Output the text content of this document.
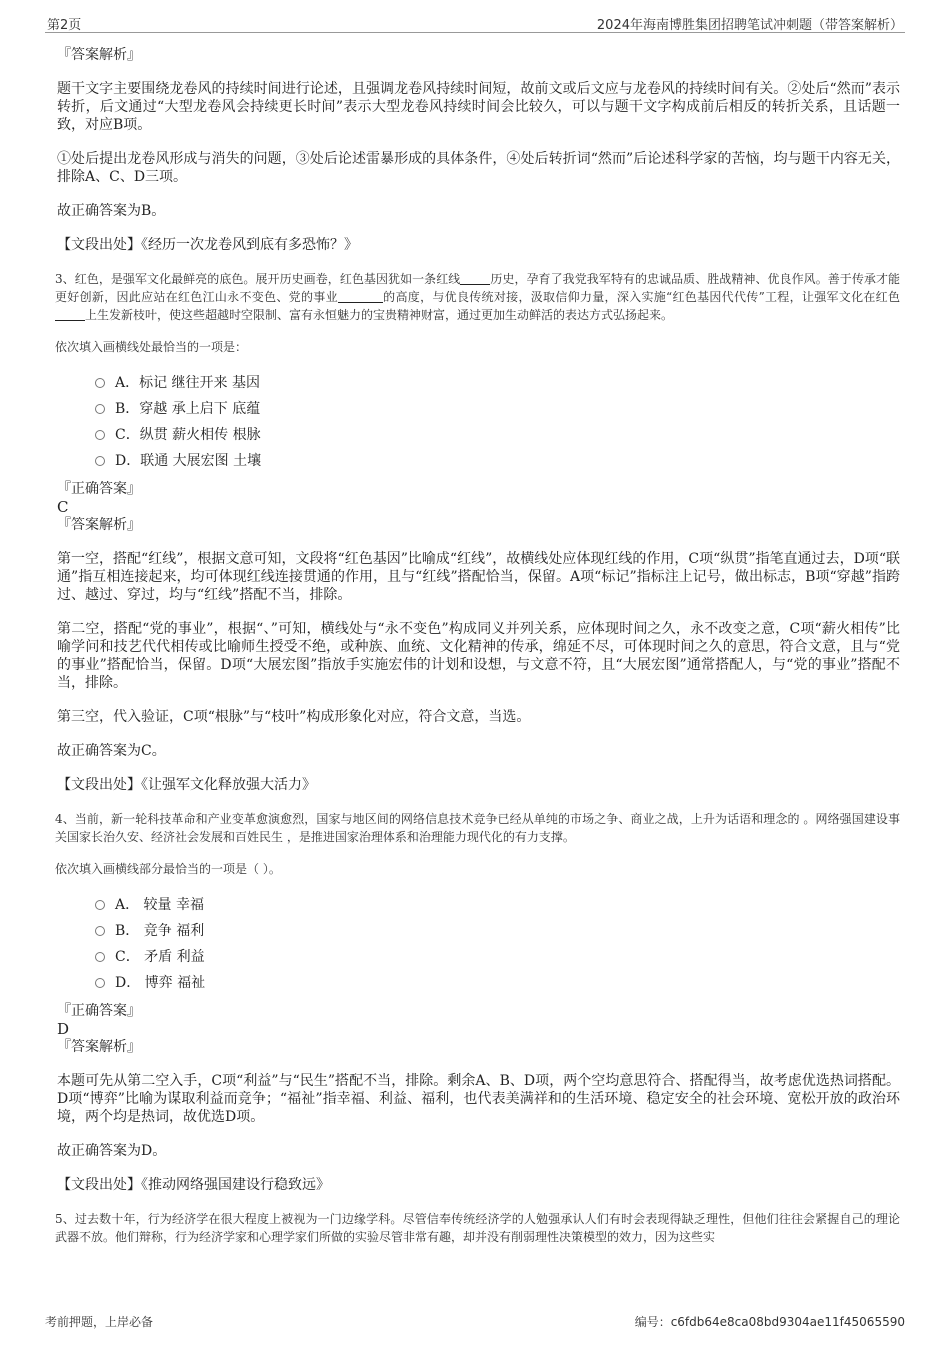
第2页	2024年海南博胜集团招聘笔试冲刺题（带答案解析）
『答案解析』
题干文字主要围绕龙卷风的持续时间进行论述，且强调龙卷风持续时间短，故前文或后文应与龙卷风的持续时间有关。②处后“然而”表示转折，后文通过“大型龙卷风会持续更长时间”表示大型龙卷风持续时间会比较久，可以与题干文字构成前后相反的转折关系，且话题一致，对应B项。
①处后提出龙卷风形成与消失的问题，③处后论述雷暴形成的具体条件，④处后转折词“然而”后论述科学家的苦恼，均与题干内容无关，排除A、C、D三项。
故正确答案为B。
【文段出处】《经历一次龙卷风到底有多恐怖？》
3、红色，是强军文化最鲜亮的底色。展开历史画卷，红色基因犹如一条红线	历史，孕育了我党我军特有的忠诚品质、胜战精神、优良作风。善于传承才能更好创新，因此应站在红色江山永不变色、党的事业	的高度，与优良传统对接，汲取信仰力量，深入实施“红色基因代代传”工程，让强军文化在红色上生发新枝叶，使这些超越时空限制、富有永恒魅力的宝贵精神财富，通过更加生动鲜活的表达方式弘扬起来。
依次填入画横线处最恰当的一项是：
A．标记 继往开来 基因
B．穿越 承上启下 底蕴
C．纵贯 薪火相传 根脉
D．联通 大展宏图 土壤
『正确答案』
C
『答案解析』
第一空，搭配“红线”，根据文意可知，文段将“红色基因”比喻成“红线”，故横线处应体现红线的作用，C项“纵贯”指笔直通过去，D项“联通”指互相连接起来，均可体现红线连接贯通的作用，且与“红线”搭配恰当，保留。A项“标记”指标注上记号，做出标志，B项“穿越”指跨过、越过、穿过，均与“红线”搭配不当，排除。
第二空，搭配“党的事业”，根据“、”可知，横线处与“永不变色”构成同义并列关系，应体现时间之久，永不改变之意，C项“薪火相传”比喻学问和技艺代代相传或比喻师生授受不绝，或种族、血统、文化精神的传承，绵延不尽，可体现时间之久的意思，符合文意，且与“党的事业”搭配恰当，保留。D项“大展宏图”指放手实施宏伟的计划和设想，与文意不符，且“大展宏图”通常搭配人，与“党的事业”搭配不当，排除。
第三空，代入验证，C项“根脉”与“枝叶”构成形象化对应，符合文意，当选。
故正确答案为C。
【文段出处】《让强军文化释放强大活力》
4、当前，新一轮科技革命和产业变革愈演愈烈，国家与地区间的网络信息技术竞争已经从单纯的市场之争、商业之战，上升为话语和理念的 。网络强国建设事关国家长治久安、经济社会发展和百姓民生 ，是推进国家治理体系和治理能力现代化的有力支撑。
依次填入画横线部分最恰当的一项是（ ）。
A． 较量 幸福
B． 竞争 福利
C． 矛盾 利益
D． 博弈 福祉
『正确答案』
D
『答案解析』
本题可先从第二空入手，C项“利益”与“民生”搭配不当，排除。剩余A、B、D项，两个空均意思符合、搭配得当，故考虑优选热词搭配。D项“博弈”比喻为谋取利益而竞争；“福祉”指幸福、利益、福利，也代表美满祥和的生活环境、稳定安全的社会环境、宽松开放的政治环境，两个均是热词，故优选D项。
故正确答案为D。
【文段出处】《推动网络强国建设行稳致远》
5、过去数十年，行为经济学在很大程度上被视为一门边缘学科。尽管信奉传统经济学的人勉强承认人们有时会表现得缺乏理性，但他们往往会紧握自己的理论武器不放。他们辩称，行为经济学家和心理学家们所做的实验尽管非常有趣，却并没有削弱理性决策模型的效力，因为这些实
考前押题，上岸必备	编号：c6fdb64e8ca08bd9304ae11f45065590
